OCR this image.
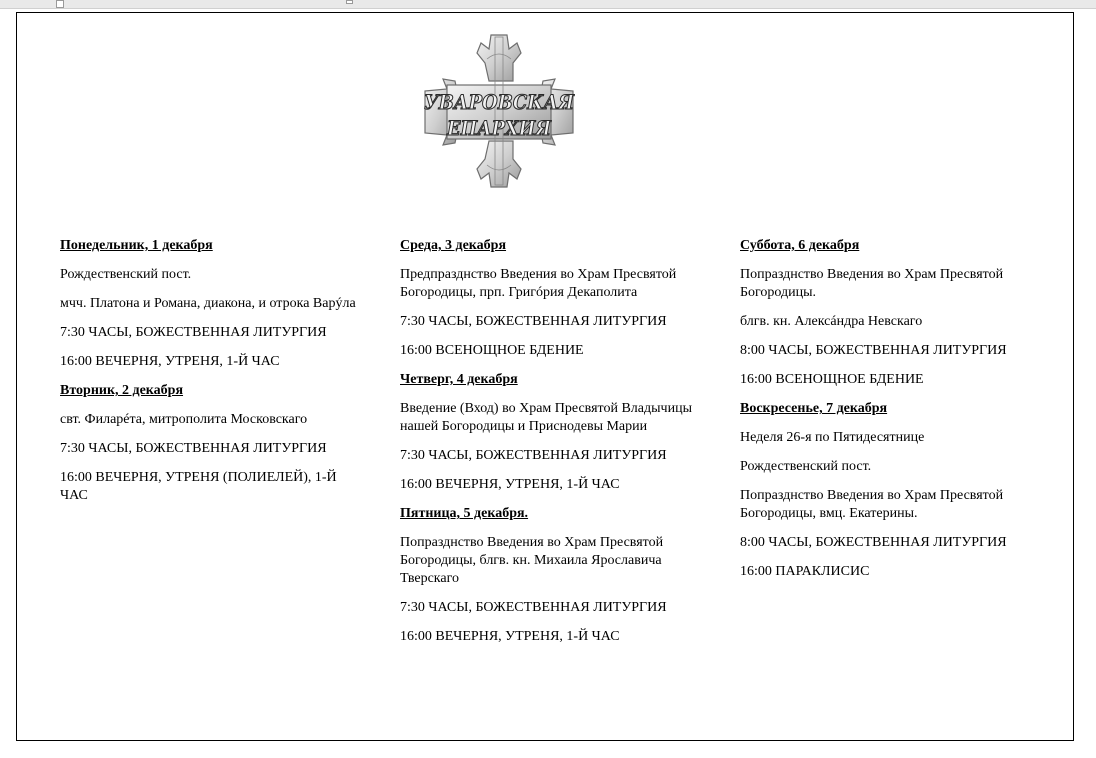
УВАРОВСКАЯ
ЕПАРХИЯ

Понедельник, 1 декабря

Рождественский пост.

мчч. Платона и Романа, диакона, и отрока Варýла

7:30 ЧАСЫ, БОЖЕСТВЕННАЯ ЛИТУРГИЯ

16:00 ВЕЧЕРНЯ, УТРЕНЯ, 1-Й ЧАС

Вторник, 2 декабря

свт. Филарéта, митрополита Московскаго

7:30 ЧАСЫ, БОЖЕСТВЕННАЯ ЛИТУРГИЯ

16:00 ВЕЧЕРНЯ, УТРЕНЯ (ПОЛИЕЛЕЙ), 1-Й ЧАС

Среда, 3 декабря

Предпразднство Введения во Храм Пресвятой Богородицы, прп. Григóрия Декаполита

7:30 ЧАСЫ, БОЖЕСТВЕННАЯ ЛИТУРГИЯ

16:00 ВСЕНОЩНОЕ БДЕНИЕ

Четверг, 4 декабря

Введение (Вход) во Храм Пресвятой Владычицы нашей Богородицы и Приснодевы Марии

7:30 ЧАСЫ, БОЖЕСТВЕННАЯ ЛИТУРГИЯ

16:00 ВЕЧЕРНЯ, УТРЕНЯ, 1-Й ЧАС

Пятница, 5 декабря.

Попразднство Введения во Храм Пресвятой Богородицы, блгв. кн. Михаила Ярославича Тверскаго

7:30 ЧАСЫ, БОЖЕСТВЕННАЯ ЛИТУРГИЯ

16:00 ВЕЧЕРНЯ, УТРЕНЯ, 1-Й ЧАС

Суббота, 6 декабря

Попразднство Введения во Храм Пресвятой Богородицы.

блгв. кн. Алексáндра Невскаго

8:00 ЧАСЫ, БОЖЕСТВЕННАЯ ЛИТУРГИЯ

16:00 ВСЕНОЩНОЕ БДЕНИЕ

Воскресенье, 7 декабря

Неделя 26-я по Пятидесятнице

Рождественский пост.

Попразднство Введения во Храм Пресвятой Богородицы, вмц. Екатерины.

8:00 ЧАСЫ, БОЖЕСТВЕННАЯ ЛИТУРГИЯ

16:00 ПАРАКЛИСИС
